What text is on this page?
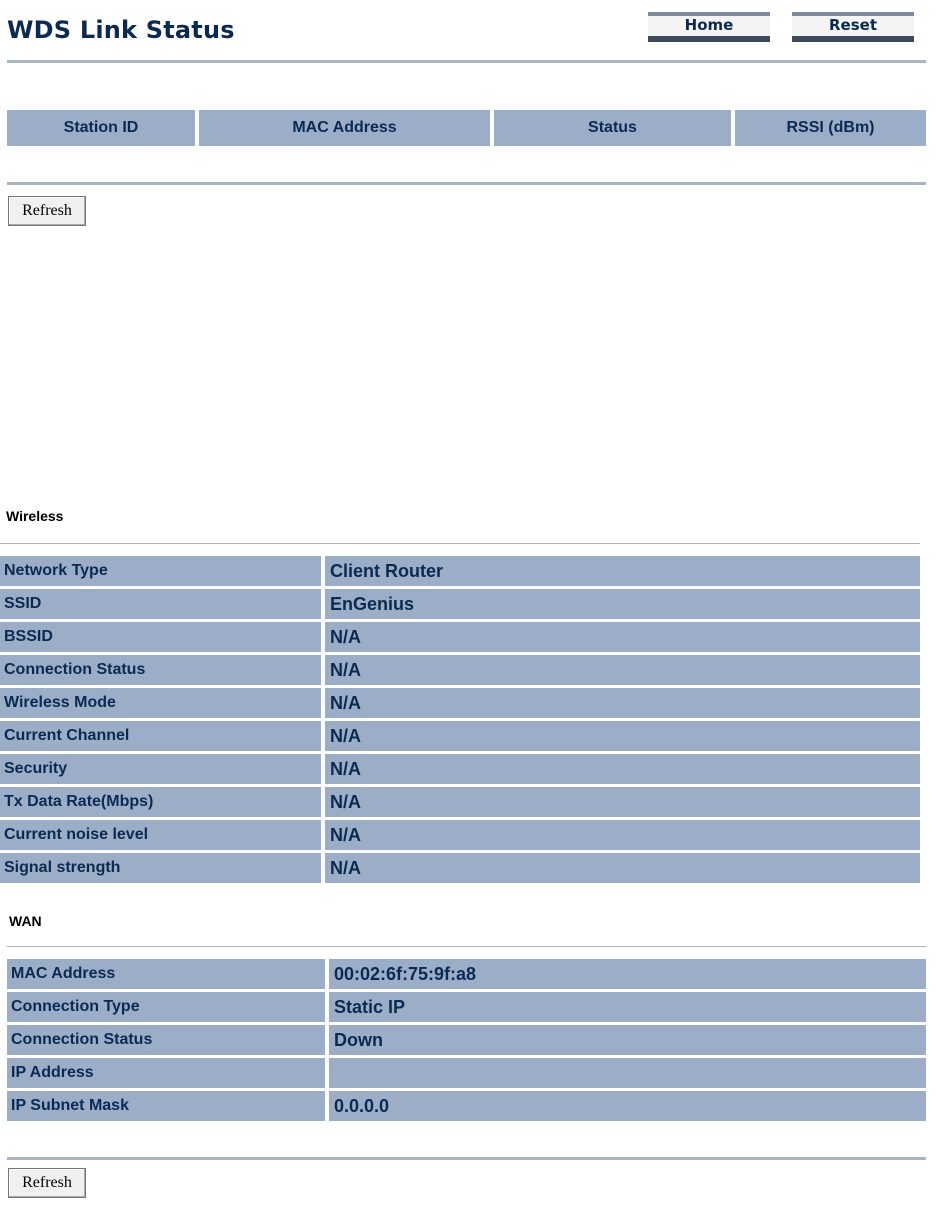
WDS Link Status	Home	Reset
Station ID	MAC Address	Status	RSSI (dBm)
Refresh
Wireless
Network Type	Client Router
SSID	EnGenius
BSSID	N/A
Connection Status	N/A
Wireless Mode	N/A
Current Channel	N/A
Security	N/A
Tx Data Rate(Mbps)	N/A
Current noise level	N/A
Signal strength	N/A
WAN
MAC Address	00:02:6f:75:9f:a8
Connection Type	Static IP
Connection Status	Down
IP Address
IP Subnet Mask	0.0.0.0
Refresh
